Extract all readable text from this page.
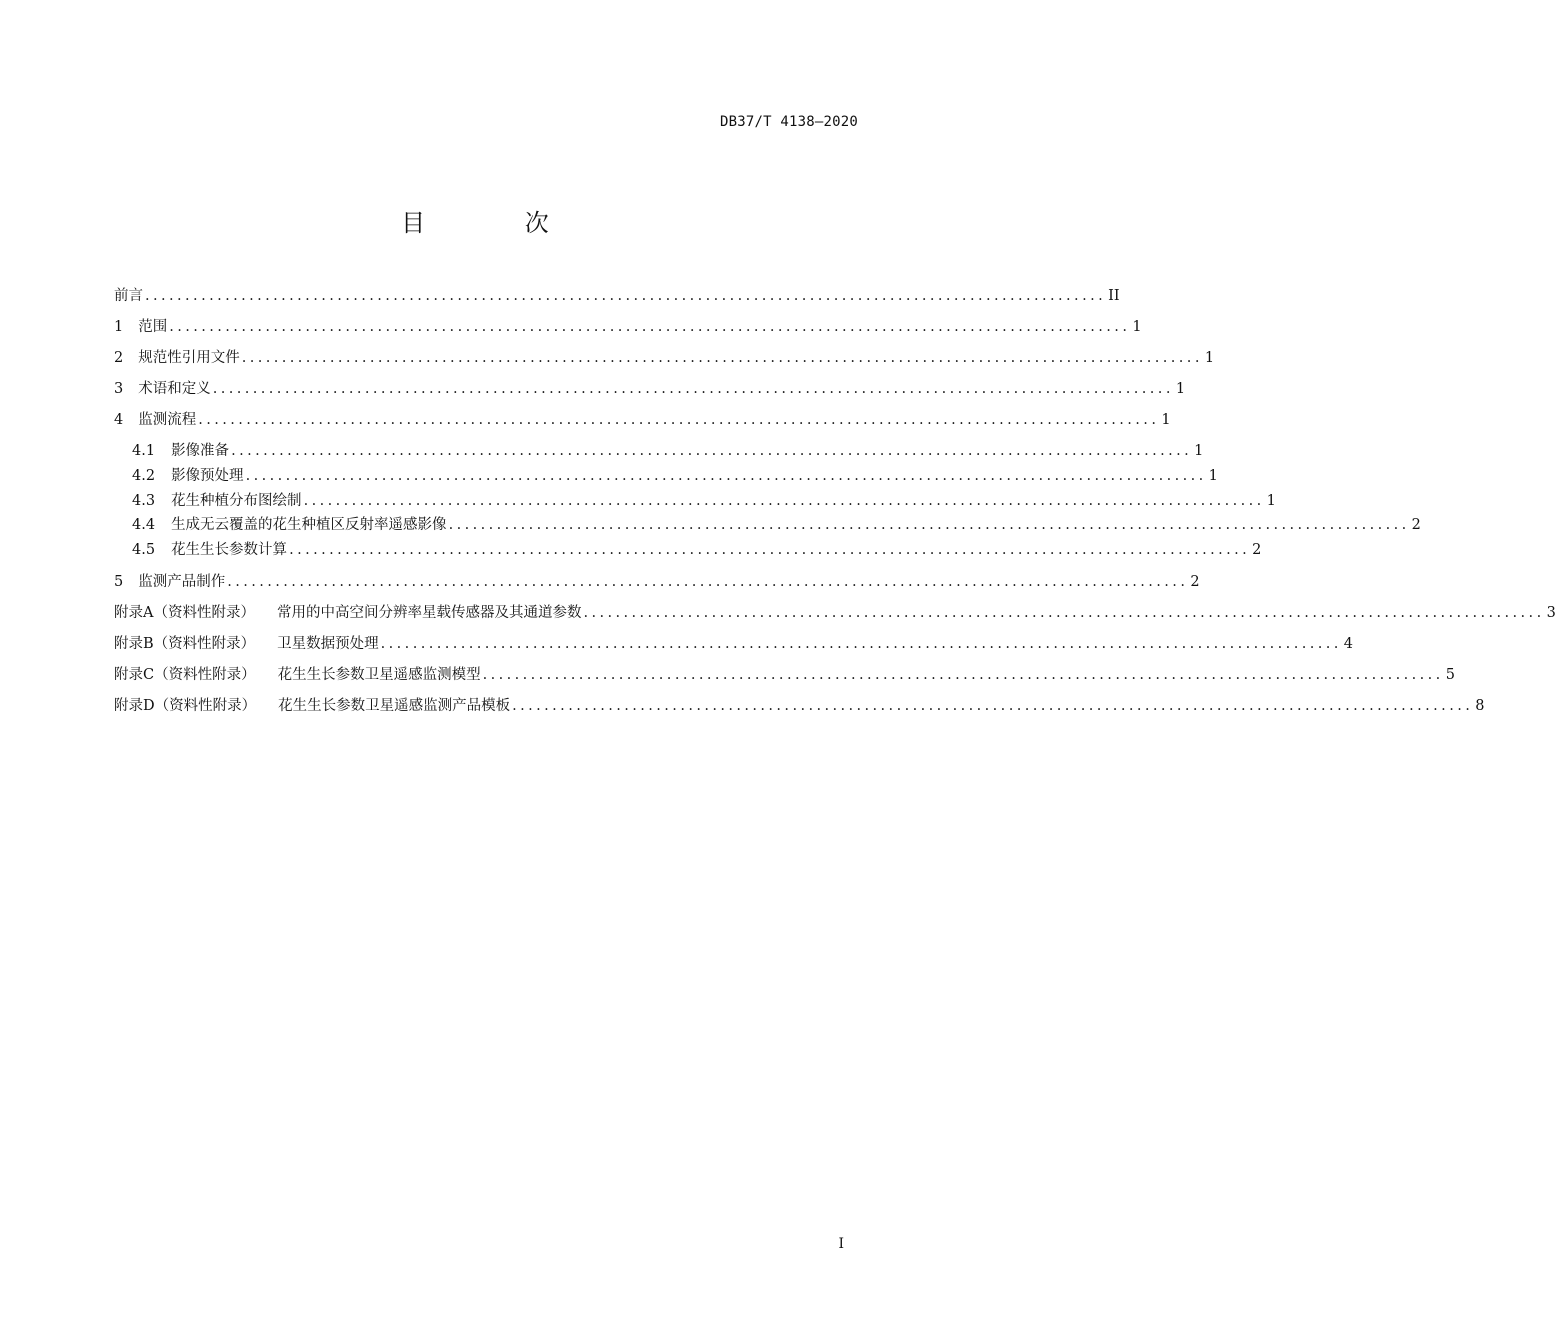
DB37/T 4138—2020
目 次
前言 ........................................................................................................................ II
1 范围 ........................................................................................................................ 1
2 规范性引用文件 ........................................................................................................................ 1
3 术语和定义 ........................................................................................................................ 1
4 监测流程 ........................................................................................................................ 1
4.1 影像准备 ........................................................................................................................ 1
4.2 影像预处理 ........................................................................................................................ 1
4.3 花生种植分布图绘制 ........................................................................................................................ 1
4.4 生成无云覆盖的花生种植区反射率遥感影像 ........................................................................................................................ 2
4.5 花生生长参数计算 ........................................................................................................................ 2
5 监测产品制作 ........................................................................................................................ 2
附录A（资料性附录） 常用的中高空间分辨率星载传感器及其通道参数 ........................................................................................................................ 3
附录B（资料性附录） 卫星数据预处理 ........................................................................................................................ 4
附录C（资料性附录） 花生生长参数卫星遥感监测模型 ........................................................................................................................ 5
附录D（资料性附录） 花生生长参数卫星遥感监测产品模板 ........................................................................................................................ 8
I
